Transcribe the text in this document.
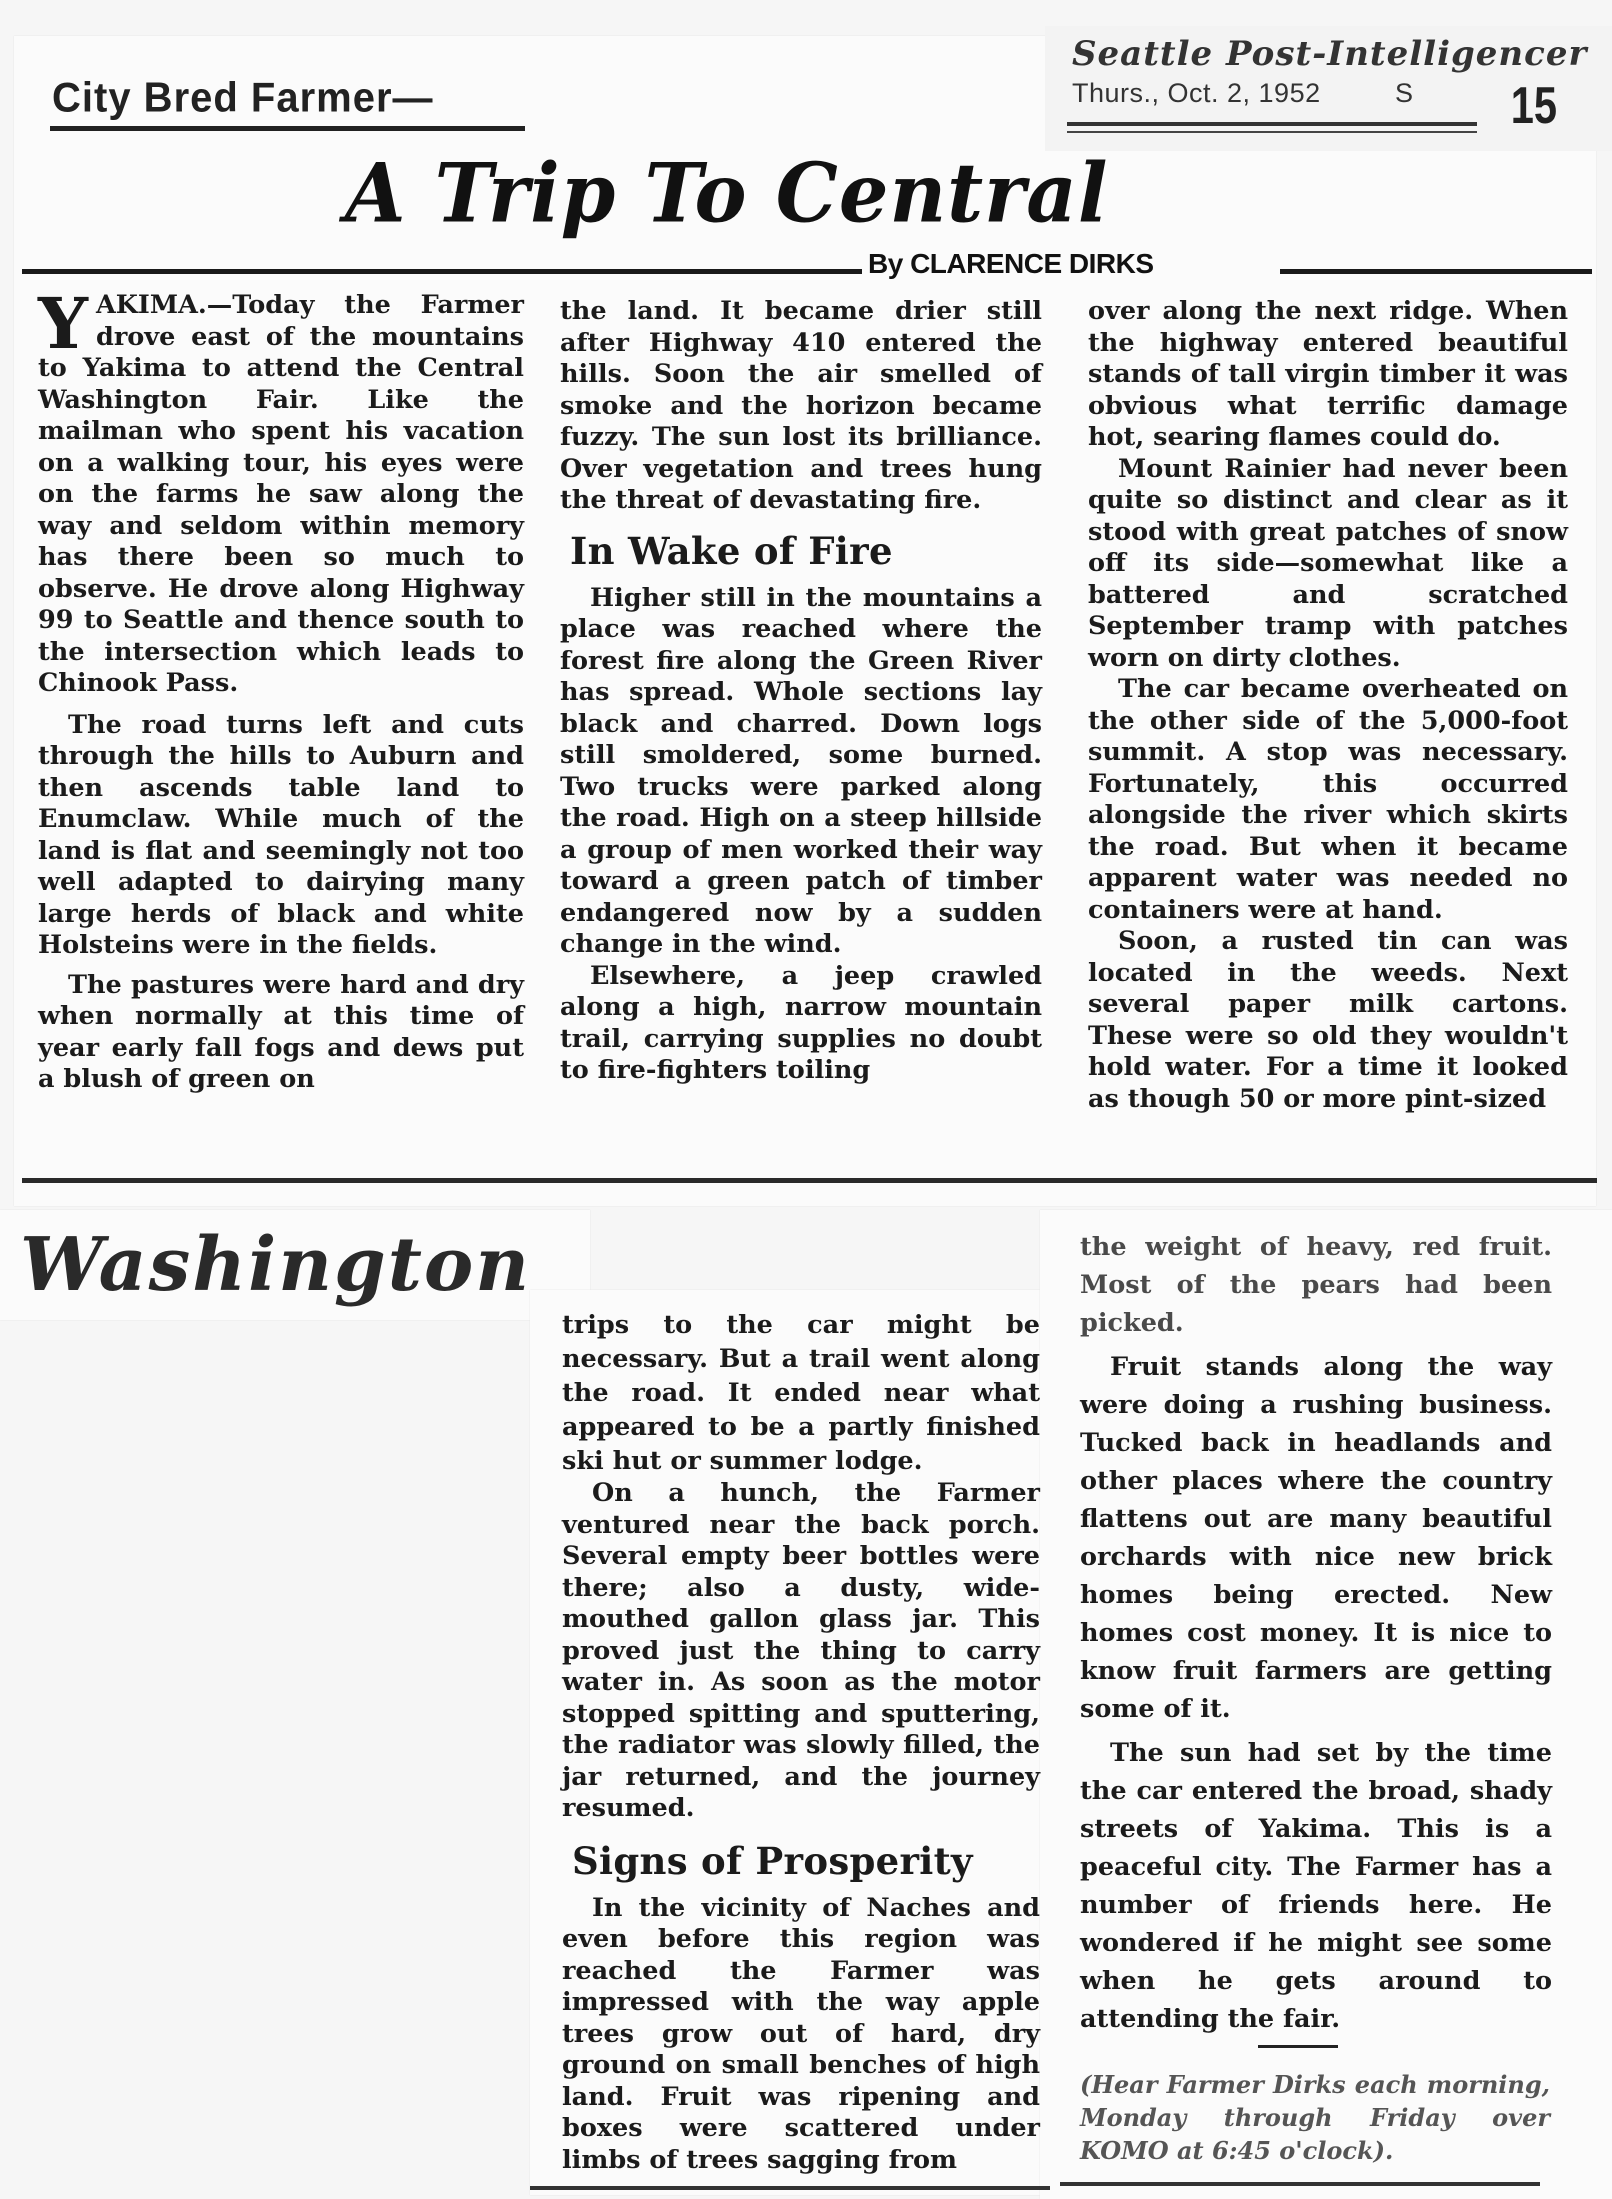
City Bred Farmer—
Seattle Post-Intelligencer
Thurs., Oct. 2, 1952	S 15
A Trip To Central
By CLARENCE DIRKS

YAKIMA.—Today the Farmer drove east of the mountains to Yakima to attend the Central Washington Fair. Like the mailman who spent his vacation on a walking tour, his eyes were on the farms he saw along the way and seldom within memory has there been so much to observe. He drove along Highway 99 to Seattle and thence south to the intersection which leads to Chinook Pass.

The road turns left and cuts through the hills to Auburn and then ascends table land to Enumclaw. While much of the land is flat and seemingly not too well adapted to dairying many large herds of black and white Holsteins were in the fields.

The pastures were hard and dry when normally at this time of year early fall fogs and dews put a blush of green on

the land. It became drier still after Highway 410 entered the hills. Soon the air smelled of smoke and the horizon became fuzzy. The sun lost its brilliance. Over vegetation and trees hung the threat of devastating fire.

In Wake of Fire

Higher still in the mountains a place was reached where the forest fire along the Green River has spread. Whole sections lay black and charred. Down logs still smoldered, some burned. Two trucks were parked along the road. High on a steep hillside a group of men worked their way toward a green patch of timber endangered now by a sudden change in the wind.

Elsewhere, a jeep crawled along a high, narrow mountain trail, carrying supplies no doubt to fire-fighters toiling

over along the next ridge. When the highway entered beautiful stands of tall virgin timber it was obvious what terrific damage hot, searing flames could do.

Mount Rainier had never been quite so distinct and clear as it stood with great patches of snow off its side—somewhat like a battered and scratched September tramp with patches worn on dirty clothes.

The car became overheated on the other side of the 5,000-foot summit. A stop was necessary. Fortunately, this occurred alongside the river which skirts the road. But when it became apparent water was needed no containers were at hand.

Soon, a rusted tin can was located in the weeds. Next several paper milk cartons. These were so old they wouldn't hold water. For a time it looked as though 50 or more pint-sized

Washington

trips to the car might be necessary. But a trail went along the road. It ended near what appeared to be a partly finished ski hut or summer lodge.

On a hunch, the Farmer ventured near the back porch. Several empty beer bottles were there; also a dusty, wide-mouthed gallon glass jar. This proved just the thing to carry water in. As soon as the motor stopped spitting and sputtering, the radiator was slowly filled, the jar returned, and the journey resumed.

Signs of Prosperity

In the vicinity of Naches and even before this region was reached the Farmer was impressed with the way apple trees grow out of hard, dry ground on small benches of high land. Fruit was ripening and boxes were scattered under limbs of trees sagging from

the weight of heavy, red fruit. Most of the pears had been picked.

Fruit stands along the way were doing a rushing business. Tucked back in headlands and other places where the country flattens out are many beautiful orchards with nice new brick homes being erected. New homes cost money. It is nice to know fruit farmers are getting some of it.

The sun had set by the time the car entered the broad, shady streets of Yakima. This is a peaceful city. The Farmer has a number of friends here. He wondered if he might see some when he gets around to attending the fair.

(Hear Farmer Dirks each morning, Monday through Friday over KOMO at 6:45 o'clock).
